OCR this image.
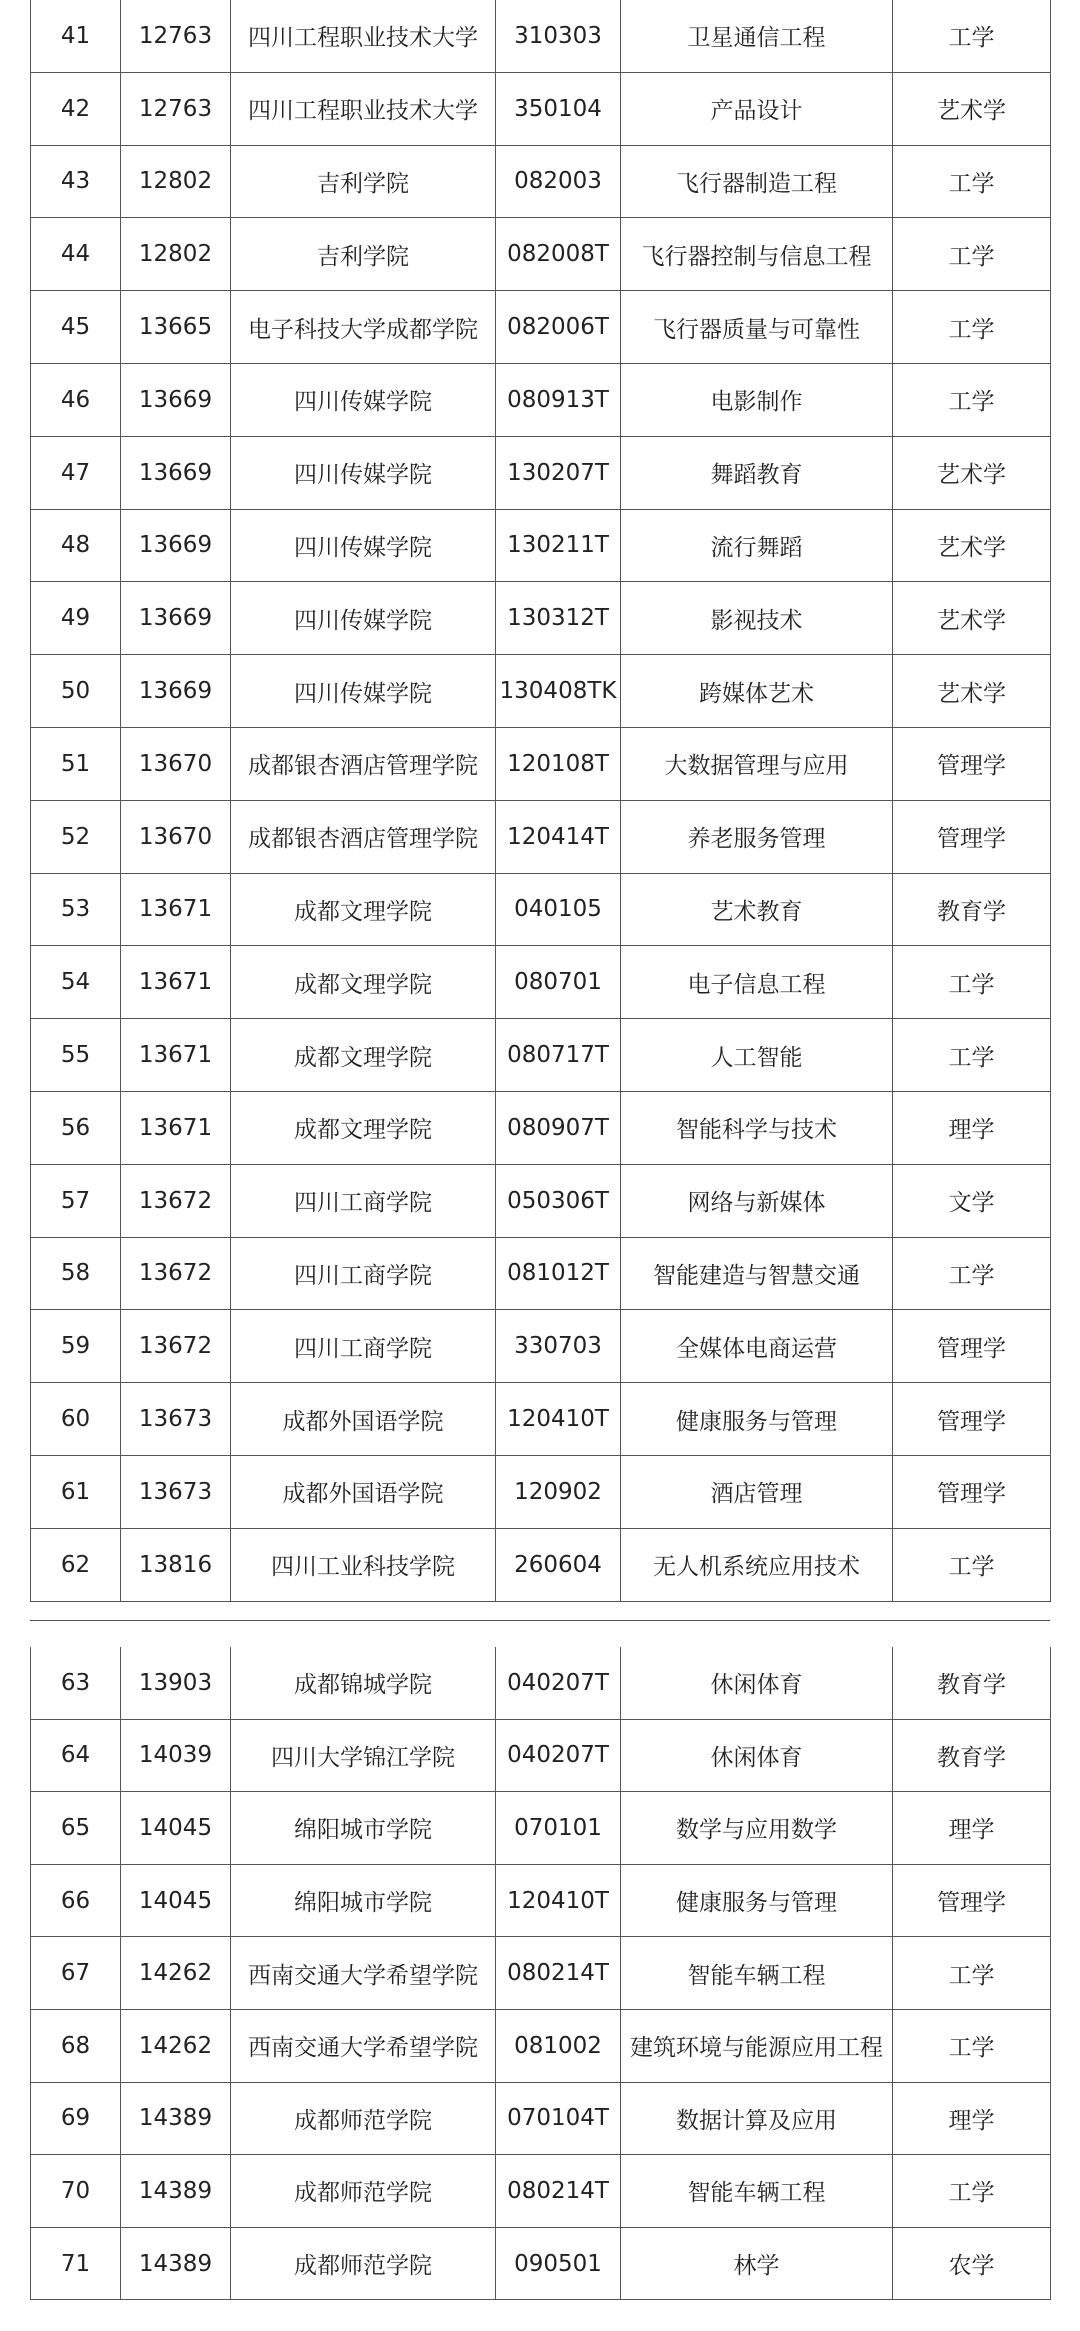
41	12763	四川工程职业技术大学	310303	卫星通信工程	工学
42	12763	四川工程职业技术大学	350104	产品设计	艺术学
43	12802	吉利学院	082003	飞行器制造工程	工学
44	12802	吉利学院	082008T	飞行器控制与信息工程	工学
45	13665	电子科技大学成都学院	082006T	飞行器质量与可靠性	工学
46	13669	四川传媒学院	080913T	电影制作	工学
47	13669	四川传媒学院	130207T	舞蹈教育	艺术学
48	13669	四川传媒学院	130211T	流行舞蹈	艺术学
49	13669	四川传媒学院	130312T	影视技术	艺术学
50	13669	四川传媒学院	130408TK	跨媒体艺术	艺术学
51	13670	成都银杏酒店管理学院	120108T	大数据管理与应用	管理学
52	13670	成都银杏酒店管理学院	120414T	养老服务管理	管理学
53	13671	成都文理学院	040105	艺术教育	教育学
54	13671	成都文理学院	080701	电子信息工程	工学
55	13671	成都文理学院	080717T	人工智能	工学
56	13671	成都文理学院	080907T	智能科学与技术	理学
57	13672	四川工商学院	050306T	网络与新媒体	文学
58	13672	四川工商学院	081012T	智能建造与智慧交通	工学
59	13672	四川工商学院	330703	全媒体电商运营	管理学
60	13673	成都外国语学院	120410T	健康服务与管理	管理学
61	13673	成都外国语学院	120902	酒店管理	管理学
62	13816	四川工业科技学院	260604	无人机系统应用技术	工学
63	13903	成都锦城学院	040207T	休闲体育	教育学
64	14039	四川大学锦江学院	040207T	休闲体育	教育学
65	14045	绵阳城市学院	070101	数学与应用数学	理学
66	14045	绵阳城市学院	120410T	健康服务与管理	管理学
67	14262	西南交通大学希望学院	080214T	智能车辆工程	工学
68	14262	西南交通大学希望学院	081002	建筑环境与能源应用工程	工学
69	14389	成都师范学院	070104T	数据计算及应用	理学
70	14389	成都师范学院	080214T	智能车辆工程	工学
71	14389	成都师范学院	090501	林学	农学
